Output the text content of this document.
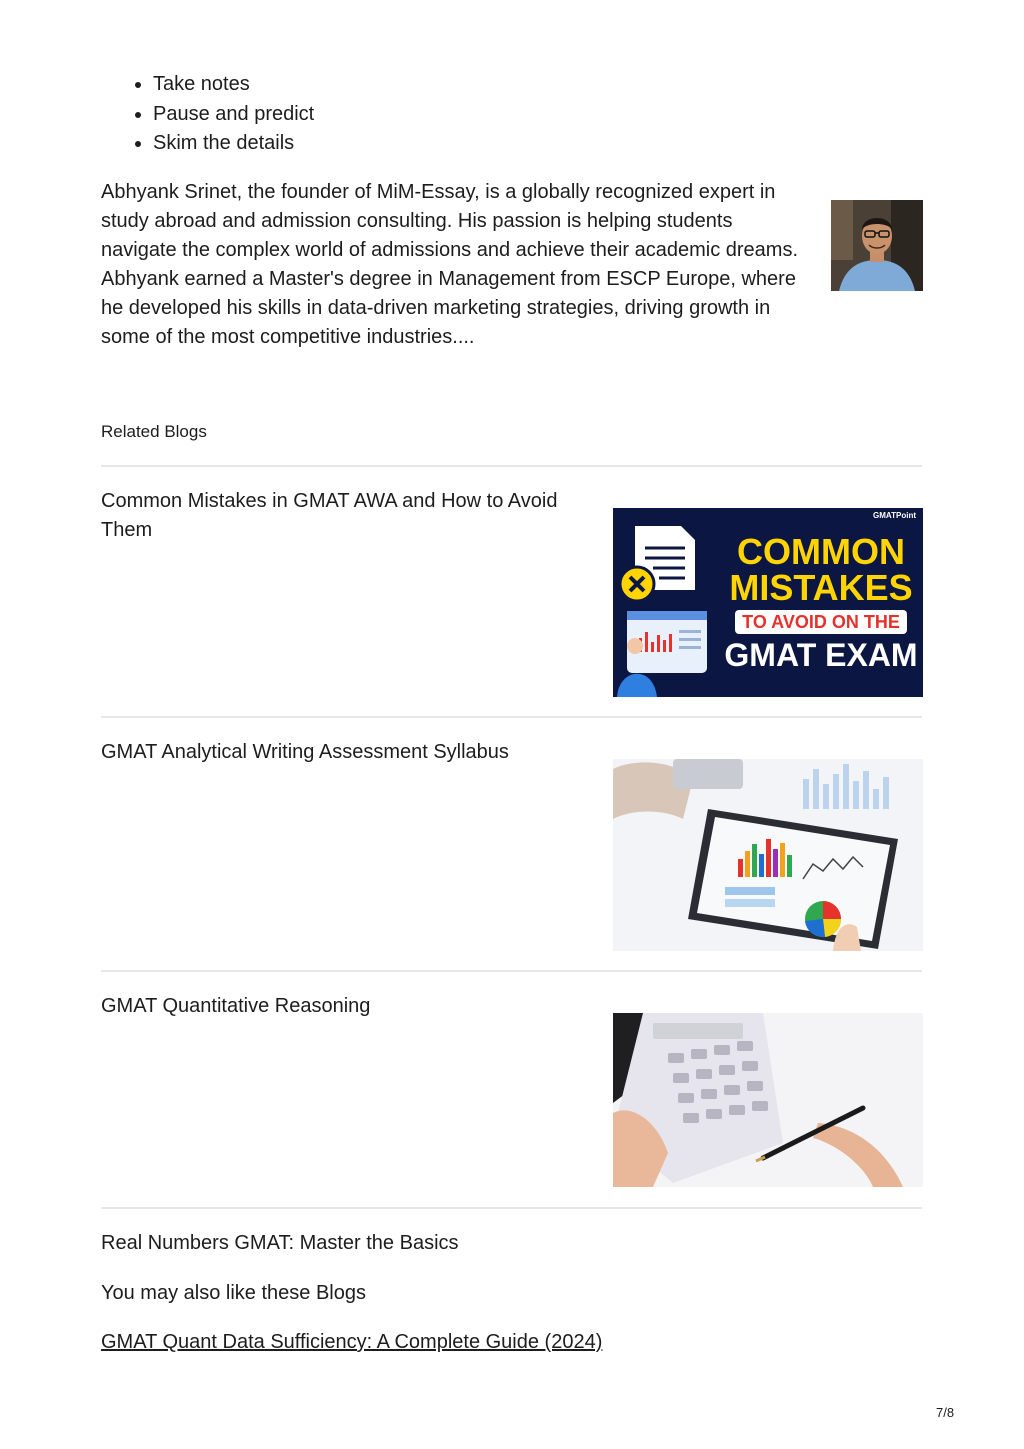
• Take notes
• Pause and predict
• Skim the details

Abhyank Srinet, the founder of MiM-Essay, is a globally recognized expert in study abroad and admission consulting. His passion is helping students navigate the complex world of admissions and achieve their academic dreams. Abhyank earned a Master's degree in Management from ESCP Europe, where he developed his skills in data-driven marketing strategies, driving growth in some of the most competitive industries....

Related Blogs

Common Mistakes in GMAT AWA and How to Avoid Them

GMATPoint
COMMON
MISTAKES
TO AVOID ON THE
GMAT EXAM

GMAT Analytical Writing Assessment Syllabus

GMAT Quantitative Reasoning

Real Numbers GMAT: Master the Basics
You may also like these Blogs
GMAT Quant Data Sufficiency: A Complete Guide (2024)
7/8
